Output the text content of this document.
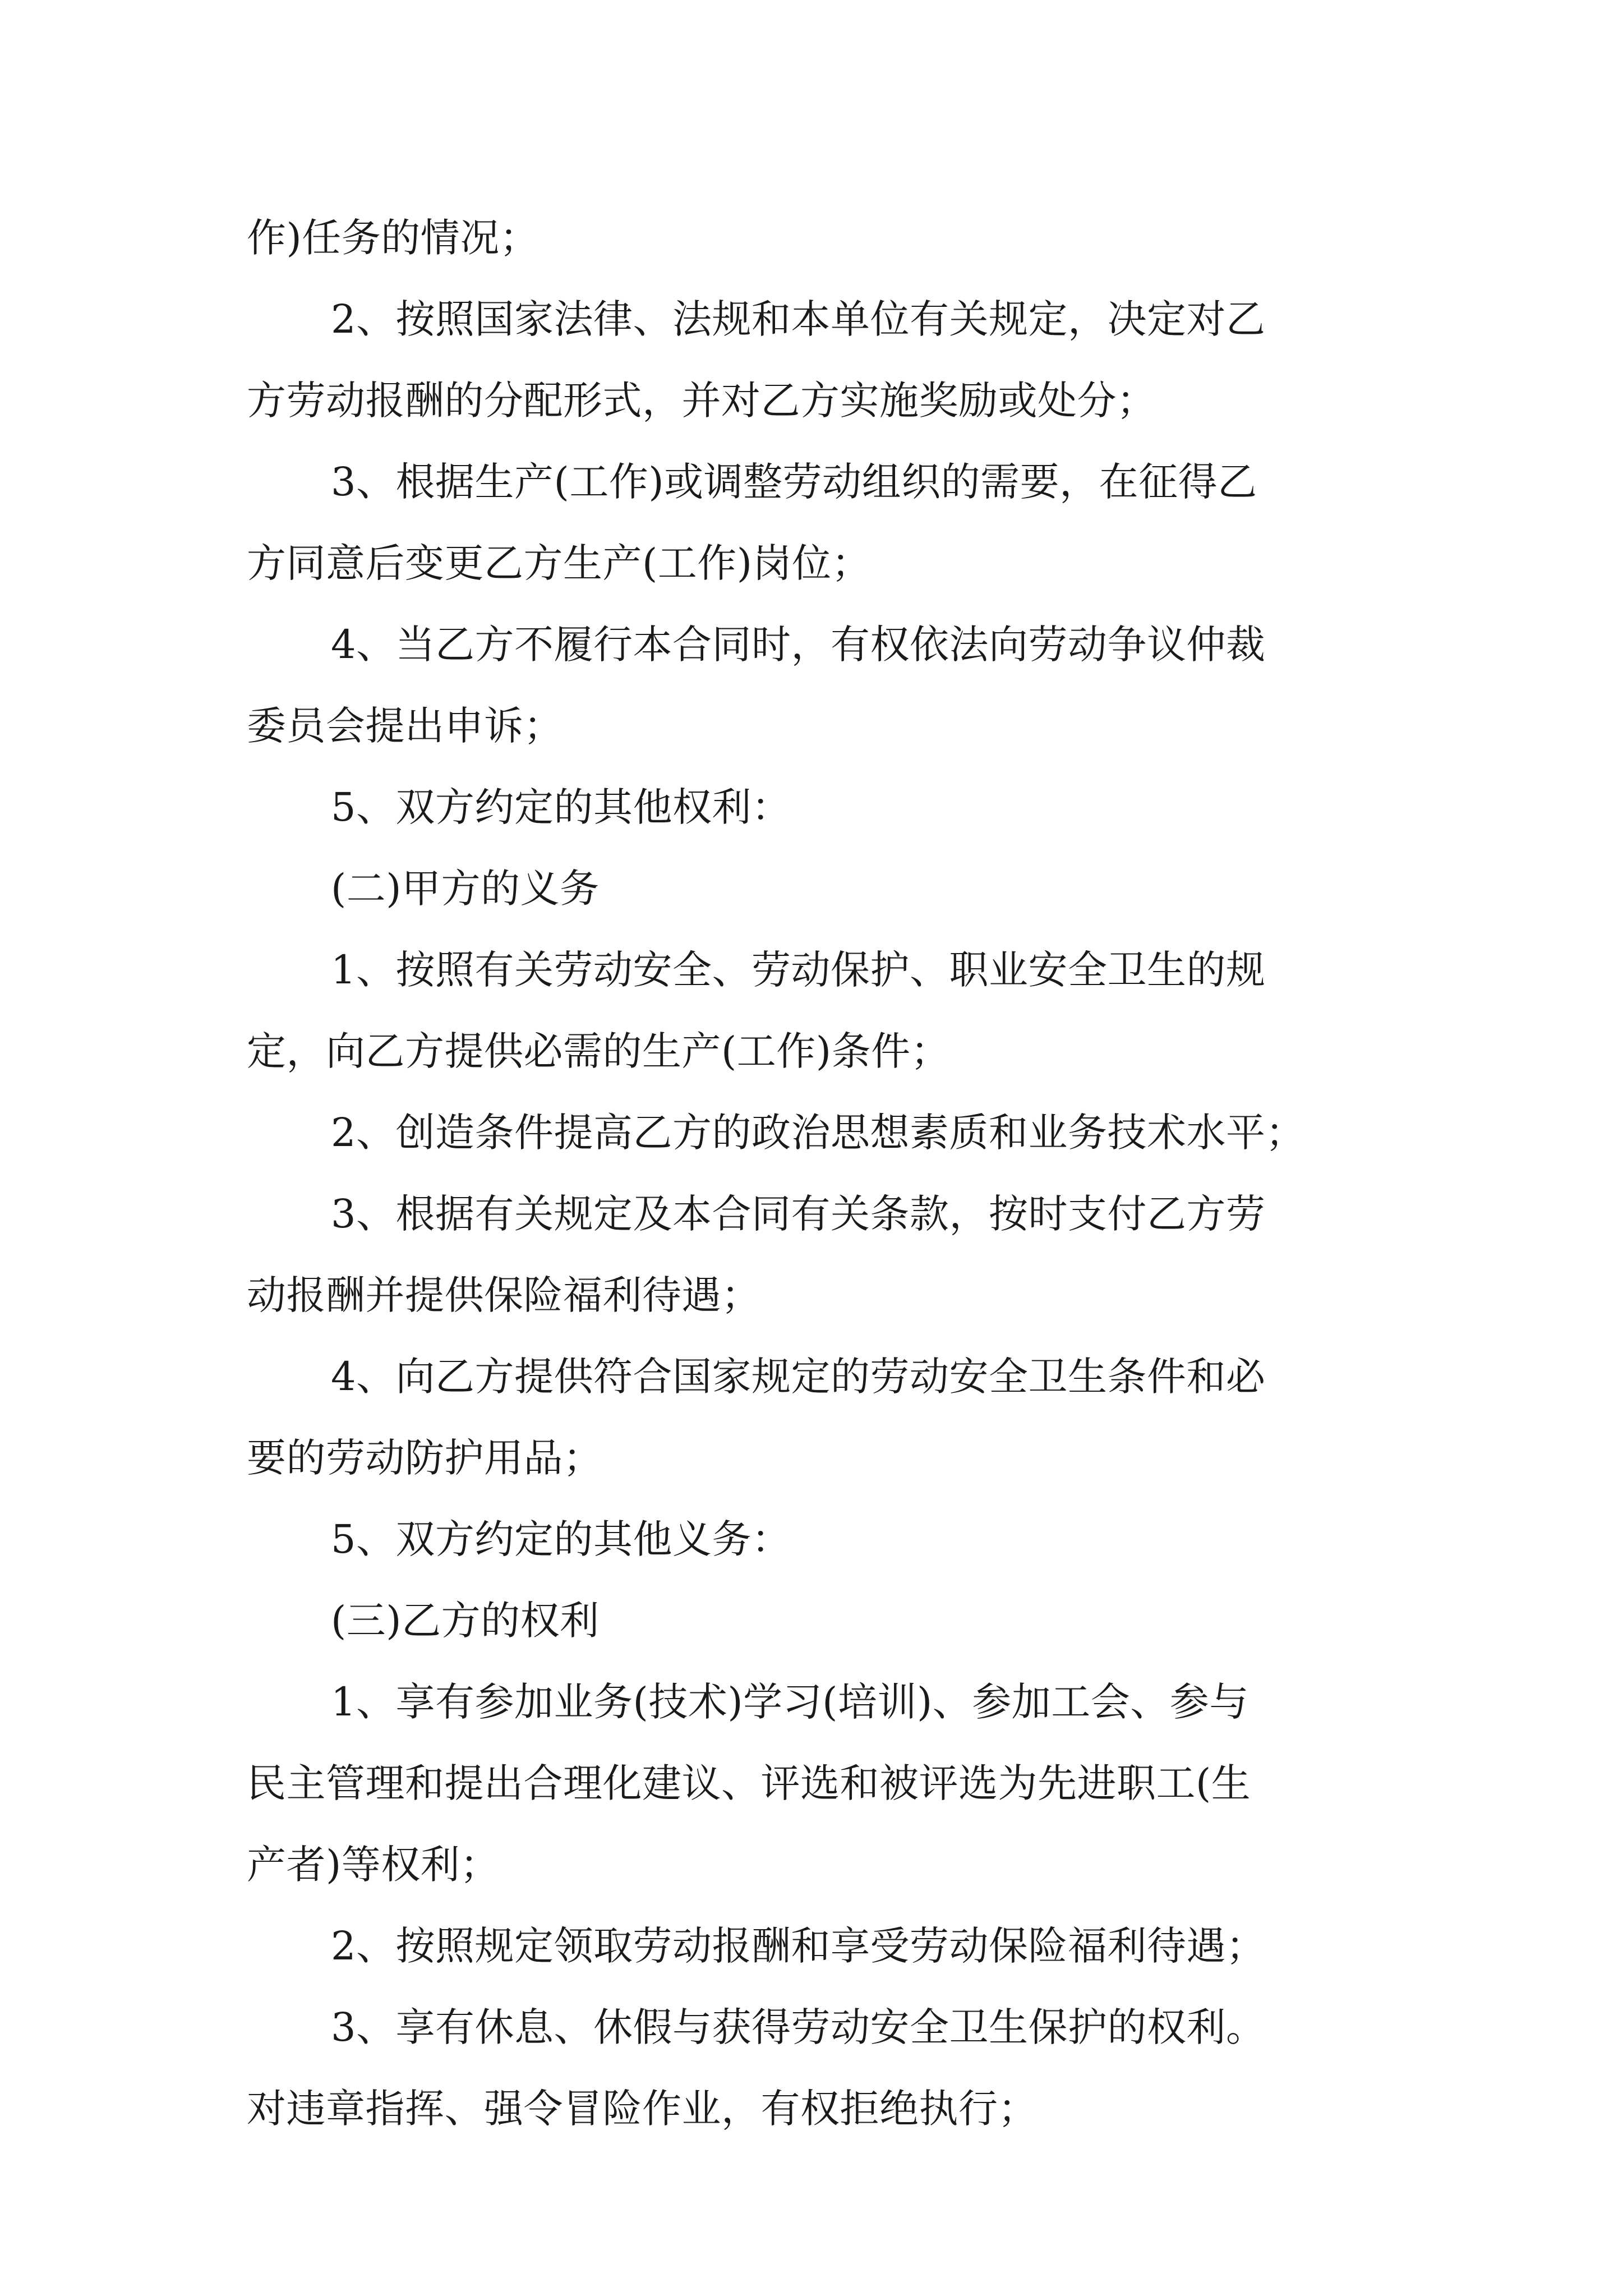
作)任务的情况；

2、按照国家法律、法规和本单位有关规定，决定对乙

方劳动报酬的分配形式，并对乙方实施奖励或处分；

3、根据生产(工作)或调整劳动组织的需要，在征得乙

方同意后变更乙方生产(工作)岗位；

4、当乙方不履行本合同时，有权依法向劳动争议仲裁

委员会提出申诉；

5、双方约定的其他权利：

(二)甲方的义务

1、按照有关劳动安全、劳动保护、职业安全卫生的规

定，向乙方提供必需的生产(工作)条件；

2、创造条件提高乙方的政治思想素质和业务技术水平；

3、根据有关规定及本合同有关条款，按时支付乙方劳

动报酬并提供保险福利待遇；

4、向乙方提供符合国家规定的劳动安全卫生条件和必

要的劳动防护用品；

5、双方约定的其他义务：

(三)乙方的权利

1、享有参加业务(技术)学习(培训)、参加工会、参与

民主管理和提出合理化建议、评选和被评选为先进职工(生

产者)等权利；

2、按照规定领取劳动报酬和享受劳动保险福利待遇；

3、享有休息、休假与获得劳动安全卫生保护的权利。

对违章指挥、强令冒险作业，有权拒绝执行；
